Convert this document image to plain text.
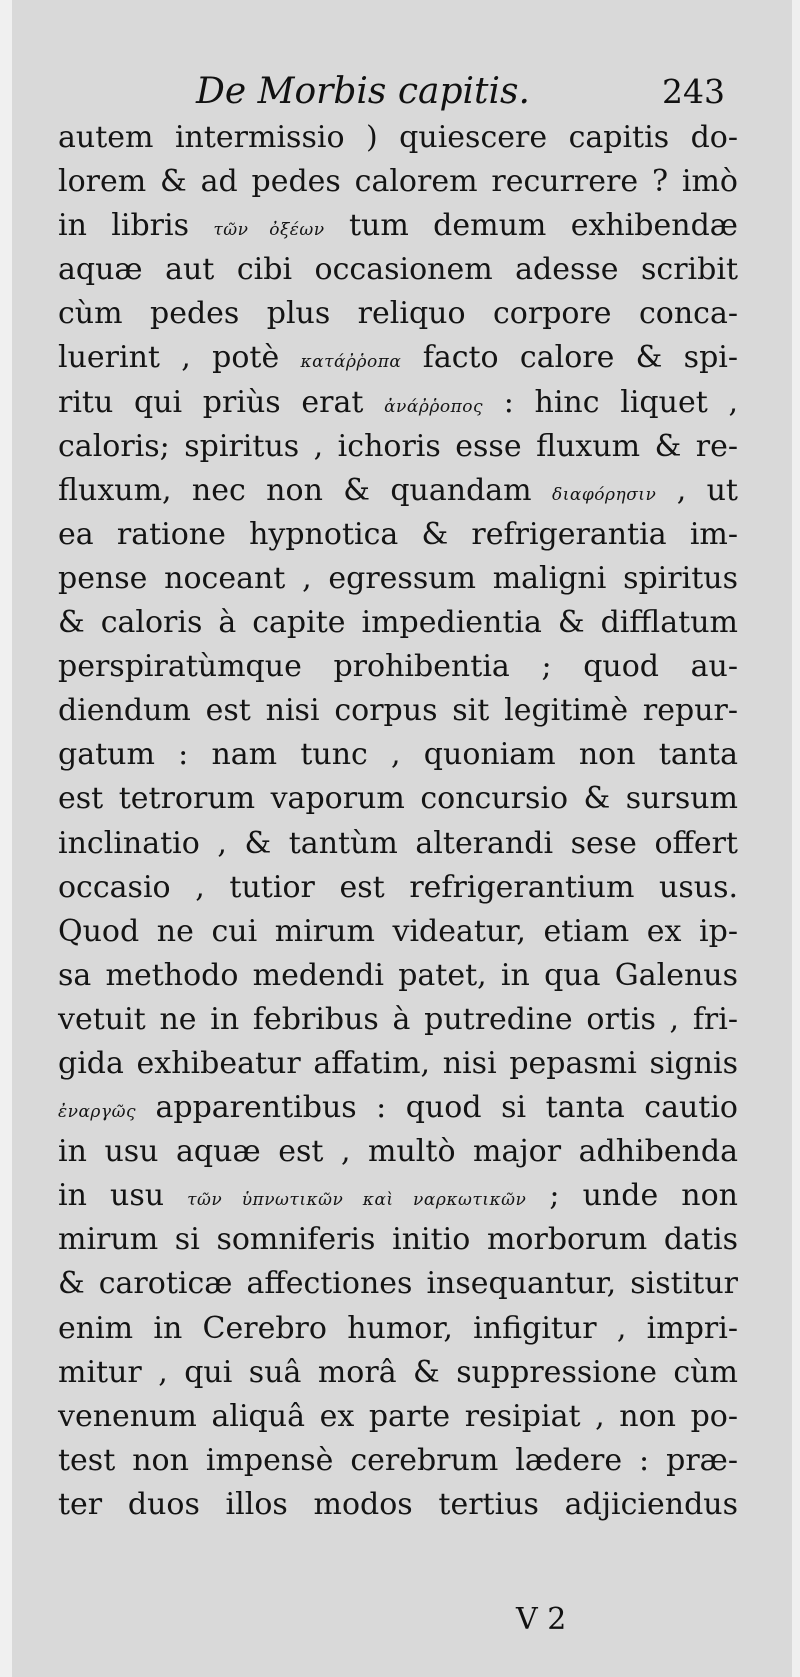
De Morbis capitis.	243
autem intermissio ) quiescere capitis do-
lorem & ad pedes calorem recurrere ? imò
in libris τῶν ὀξέων tum demum exhibendæ
aquæ aut cibi occasionem adesse scribit
cùm pedes plus reliquo corpore conca-
luerint , potè κατάῤῥοπα facto calore & spi-
ritu qui priùs erat ἀνάῤῥοπος : hinc liquet ,
caloris; spiritus , ichoris esse fluxum & re-
fluxum, nec non & quandam διαφόρησιν , ut
ea ratione hypnotica & refrigerantia im-
pense noceant , egressum maligni spiritus
& caloris à capite impedientia & difflatum
perspiratùmque prohibentia ; quod au-
diendum est nisi corpus sit legitimè repur-
gatum : nam tunc , quoniam non tanta
est tetrorum vaporum concursio & sursum
inclinatio , & tantùm alterandi sese offert
occasio , tutior est refrigerantium usus.
Quod ne cui mirum videatur, etiam ex ip-
sa methodo medendi patet, in qua Galenus
vetuit ne in febribus à putredine ortis , fri-
gida exhibeatur affatim, nisi pepasmi signis
ἐναργῶς apparentibus : quod si tanta cautio
in usu aquæ est , multò major adhibenda
in usu τῶν ὑπνωτικῶν καὶ ναρκωτικῶν ; unde non
mirum si somniferis initio morborum datis
& caroticæ affectiones insequantur, sistitur
enim in Cerebro humor, infigitur , impri-
mitur , qui suâ morâ & suppressione cùm
venenum aliquâ ex parte resipiat , non po-
test non impensè cerebrum lædere : præ-
ter duos illos modos tertius adjiciendus
V 2
